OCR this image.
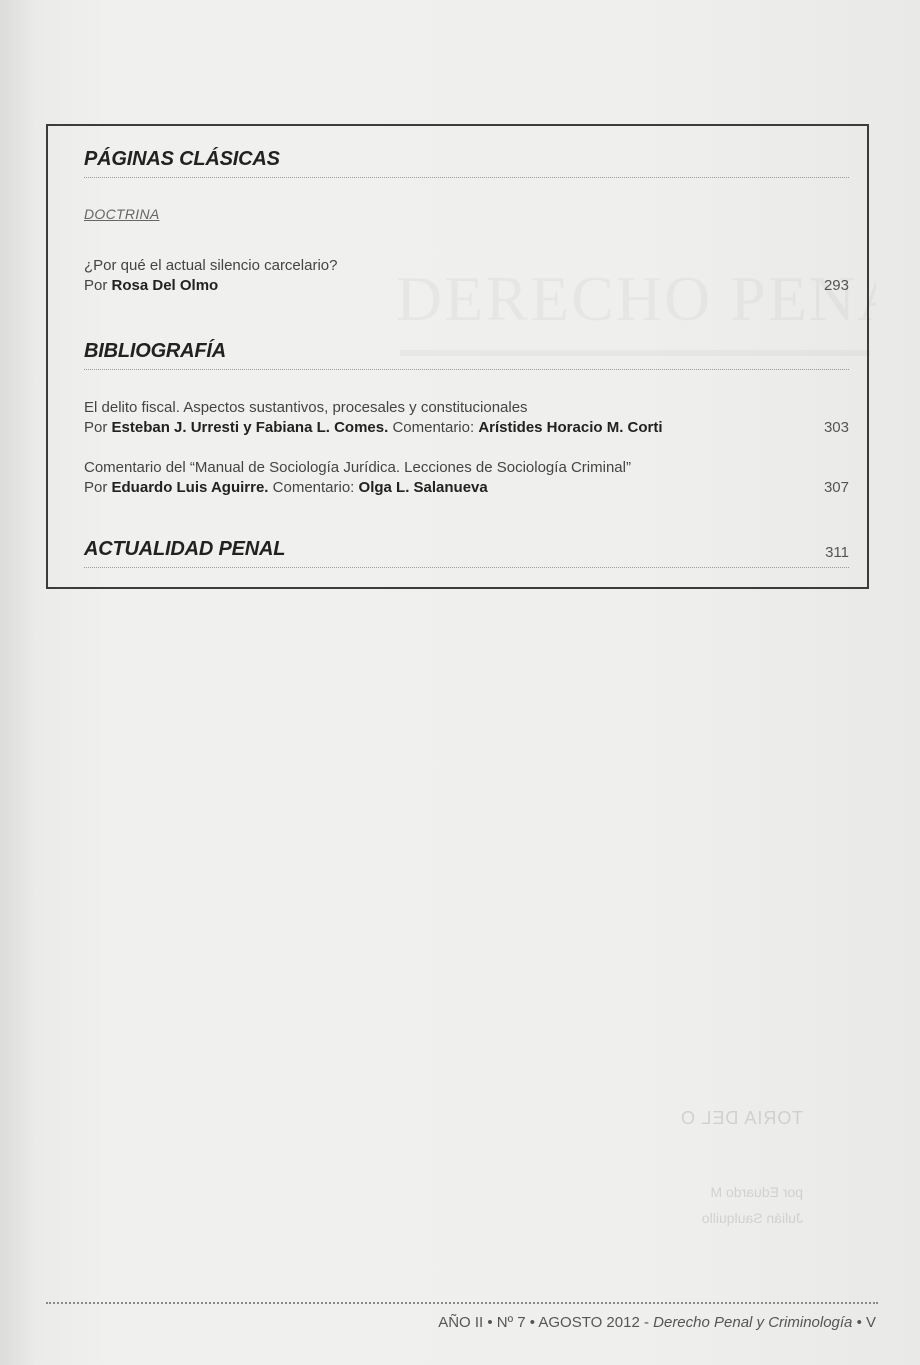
TORIA DEL O
por Eduardo M
Julián Saulquillo
PÁGINAS CLÁSICAS
DOCTRINA
¿Por qué el actual silencio carcelario?
Por Rosa Del Olmo	293
BIBLIOGRAFÍA
El delito fiscal. Aspectos sustantivos, procesales y constitucionales
Por Esteban J. Urresti y Fabiana L. Comes. Comentario: Arístides Horacio M. Corti	303
Comentario del “Manual de Sociología Jurídica. Lecciones de Sociología Criminal”
Por Eduardo Luis Aguirre. Comentario: Olga L. Salanueva	307
ACTUALIDAD PENAL	311
AÑO II • Nº 7 • AGOSTO 2012 - Derecho Penal y Criminología • V
